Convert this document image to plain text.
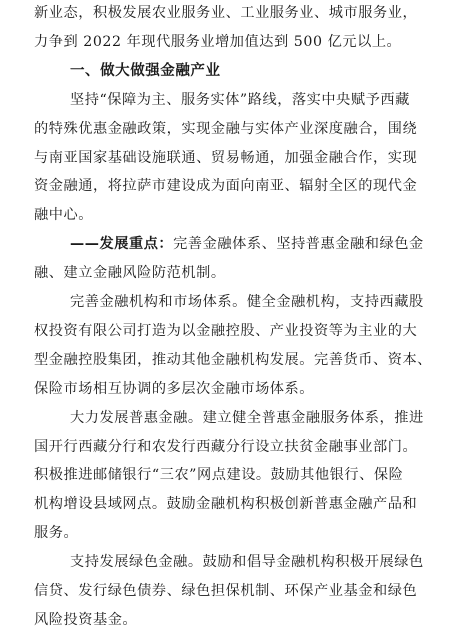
新业态，积极发展农业服务业、工业服务业、城市服务业，
力争到 2022 年现代服务业增加值达到 500 亿元以上。
一、做大做强金融产业
坚持“保障为主、服务实体”路线，落实中央赋予西藏
的特殊优惠金融政策，实现金融与实体产业深度融合，围绕
与南亚国家基础设施联通、贸易畅通，加强金融合作，实现
资金融通，将拉萨市建设成为面向南亚、辐射全区的现代金
融中心。
——发展重点：完善金融体系、坚持普惠金融和绿色金
融、建立金融风险防范机制。
完善金融机构和市场体系。健全金融机构，支持西藏股
权投资有限公司打造为以金融控股、产业投资等为主业的大
型金融控股集团，推动其他金融机构发展。完善货币、资本、
保险市场相互协调的多层次金融市场体系。
大力发展普惠金融。建立健全普惠金融服务体系，推进
国开行西藏分行和农发行西藏分行设立扶贫金融事业部门。
积极推进邮储银行“三农”网点建设。鼓励其他银行、保险
机构增设县域网点。鼓励金融机构积极创新普惠金融产品和
服务。
支持发展绿色金融。鼓励和倡导金融机构积极开展绿色
信贷、发行绿色债券、绿色担保机制、环保产业基金和绿色
风险投资基金。
